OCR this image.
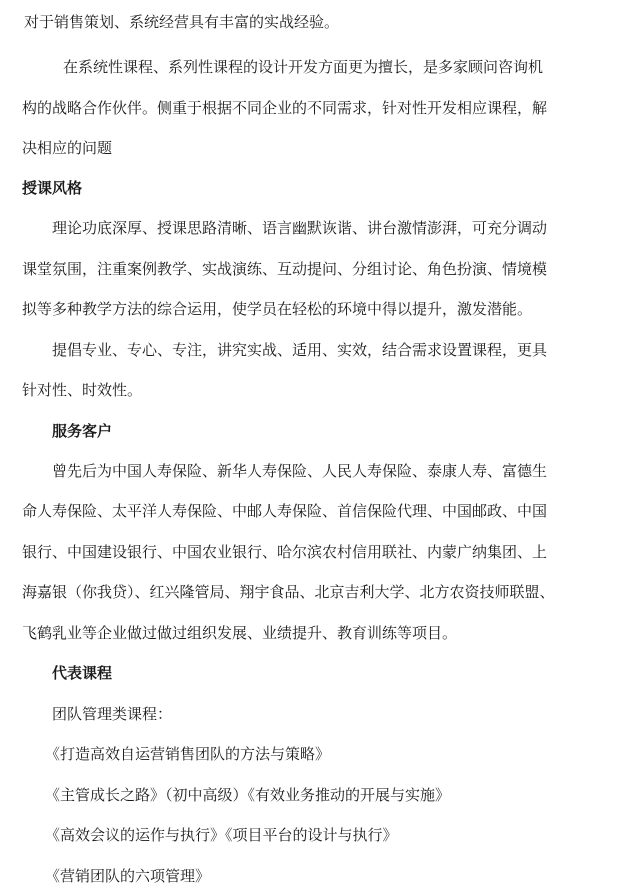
对于销售策划、系统经营具有丰富的实战经验。
在系统性课程、系列性课程的设计开发方面更为擅长，是多家顾问咨询机
构的战略合作伙伴。侧重于根据不同企业的不同需求，针对性开发相应课程，解
决相应的问题
授课风格
理论功底深厚、授课思路清晰、语言幽默诙谐、讲台激情澎湃，可充分调动
课堂氛围，注重案例教学、实战演练、互动提问、分组讨论、角色扮演、情境模
拟等多种教学方法的综合运用，使学员在轻松的环境中得以提升，激发潜能。
提倡专业、专心、专注，讲究实战、适用、实效，结合需求设置课程，更具
针对性、时效性。
服务客户
曾先后为中国人寿保险、新华人寿保险、人民人寿保险、泰康人寿、富德生
命人寿保险、太平洋人寿保险、中邮人寿保险、首信保险代理、中国邮政、中国
银行、中国建设银行、中国农业银行、哈尔滨农村信用联社、内蒙广纳集团、上
海嘉银（你我贷）、红兴隆管局、翔宇食品、北京吉利大学、北方农资技师联盟、
飞鹤乳业等企业做过做过组织发展、业绩提升、教育训练等项目。
代表课程
团队管理类课程：
《打造高效自运营销售团队的方法与策略》
《主管成长之路》（初中高级）《有效业务推动的开展与实施》
《高效会议的运作与执行》《项目平台的设计与执行》
《营销团队的六项管理》
